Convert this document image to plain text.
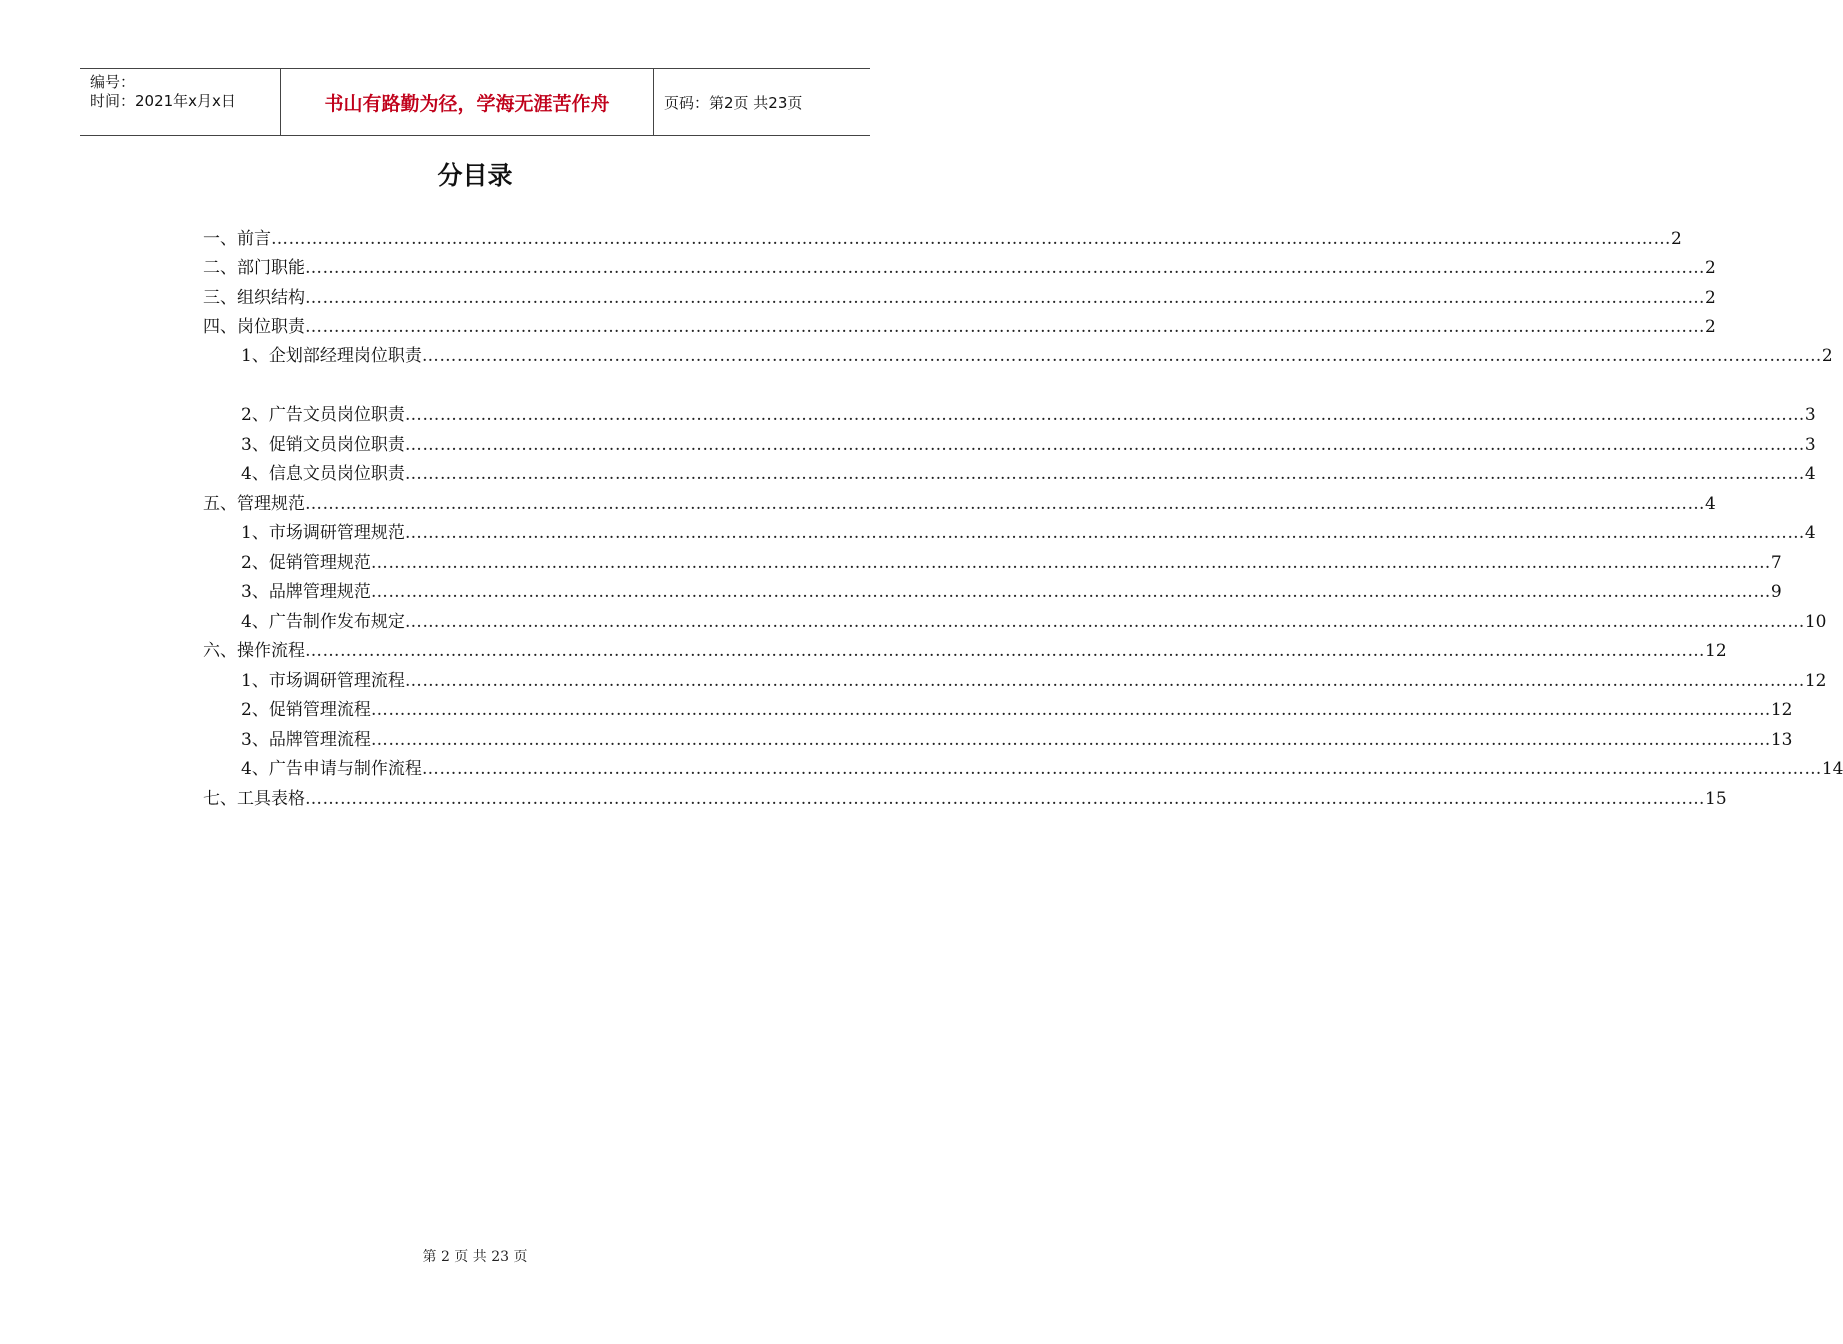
编号：
时间：2021年x月x日	书山有路勤为径，学海无涯苦作舟	页码：第2页 共23页
分目录
一、前言 …………………………………………………………………………………………………………………………………………………………………………………………………………………… 2
二、部门职能 …………………………………………………………………………………………………………………………………………………………………………………………………………………… 2
三、组织结构 …………………………………………………………………………………………………………………………………………………………………………………………………………………… 2
四、岗位职责 …………………………………………………………………………………………………………………………………………………………………………………………………………………… 2
1、企划部经理岗位职责 …………………………………………………………………………………………………………………………………………………………………………………………………………………… 2
2、广告文员岗位职责 …………………………………………………………………………………………………………………………………………………………………………………………………………………… 3
3、促销文员岗位职责 …………………………………………………………………………………………………………………………………………………………………………………………………………………… 3
4、信息文员岗位职责 …………………………………………………………………………………………………………………………………………………………………………………………………………………… 4
五、管理规范 …………………………………………………………………………………………………………………………………………………………………………………………………………………… 4
1、市场调研管理规范 …………………………………………………………………………………………………………………………………………………………………………………………………………………… 4
2、促销管理规范 …………………………………………………………………………………………………………………………………………………………………………………………………………………… 7
3、品牌管理规范 …………………………………………………………………………………………………………………………………………………………………………………………………………………… 9
4、广告制作发布规定 …………………………………………………………………………………………………………………………………………………………………………………………………………………… 10
六、操作流程 …………………………………………………………………………………………………………………………………………………………………………………………………………………… 12
1、市场调研管理流程 …………………………………………………………………………………………………………………………………………………………………………………………………………………… 12
2、促销管理流程 …………………………………………………………………………………………………………………………………………………………………………………………………………………… 12
3、品牌管理流程 …………………………………………………………………………………………………………………………………………………………………………………………………………………… 13
4、广告申请与制作流程 …………………………………………………………………………………………………………………………………………………………………………………………………………………… 14
七、工具表格 …………………………………………………………………………………………………………………………………………………………………………………………………………………… 15
第 2 页 共 23 页
